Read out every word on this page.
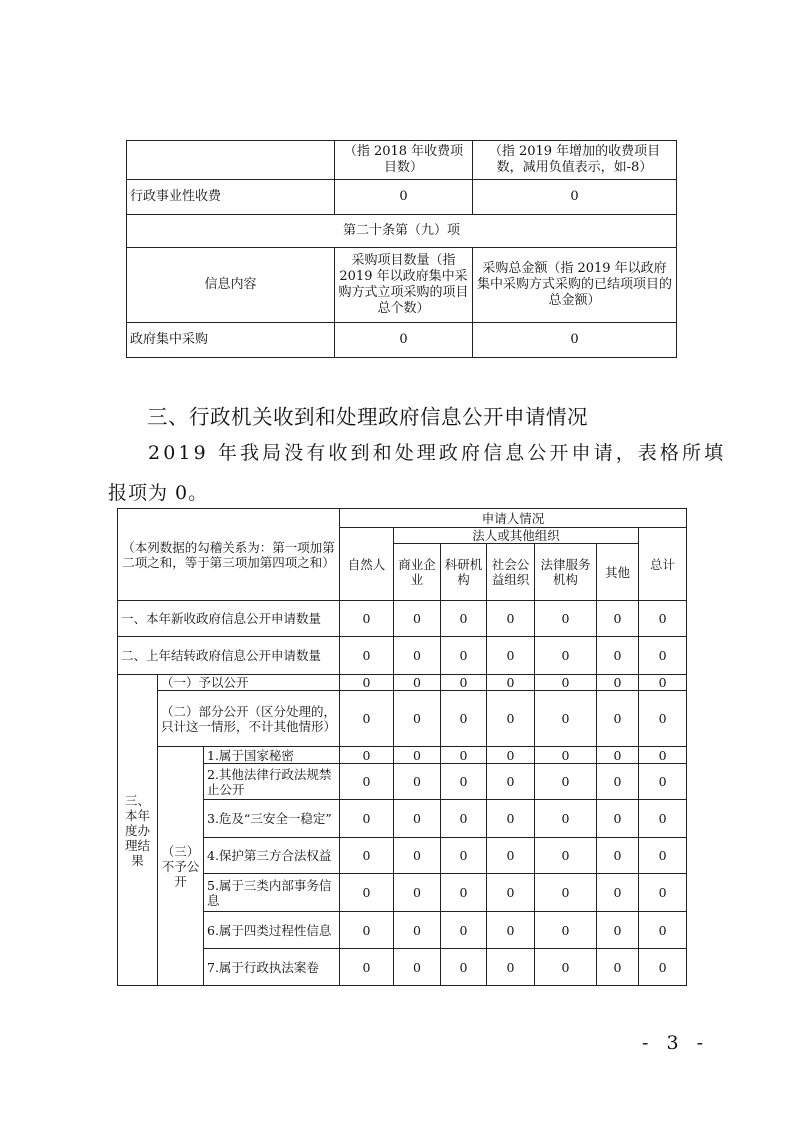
	（指 2018 年收费项目数）	（指 2019 年增加的收费项目数，减用负值表示，如-8）
行政事业性收费	0	0
第二十条第（九）项		
信息内容	采购项目数量（指 2019 年以政府集中采购方式立项采购的项目总个数）	采购总金额（指 2019 年以政府集中采购方式采购的已结项项目的总金额）
政府集中采购	0	0
三、行政机关收到和处理政府信息公开申请情况
2019 年我局没有收到和处理政府信息公开申请，表格所填
报项为 0。
（本列数据的勾稽关系为：第一项加第二项之和，等于第三项加第四项之和）			申请人情况						
			自然人	法人或其他组织					总计
				商业企业	科研机构	社会公益组织	法律服务机构	其他	
一、本年新收政府信息公开申请数量			0	0	0	0	0	0	0
二、上年结转政府信息公开申请数量			0	0	0	0	0	0	0
三、本年度办理结果	（一）予以公开		0	0	0	0	0	0	0
	（二）部分公开（区分处理的，只计这一情形，不计其他情形）		0	0	0	0	0	0	0
	（三）不予公开	1.属于国家秘密	0	0	0	0	0	0	0
		2.其他法律行政法规禁止公开	0	0	0	0	0	0	0
		3.危及“三安全一稳定”	0	0	0	0	0	0	0
		4.保护第三方合法权益	0	0	0	0	0	0	0
		5.属于三类内部事务信息	0	0	0	0	0	0	0
		6.属于四类过程性信息	0	0	0	0	0	0	0
		7.属于行政执法案卷	0	0	0	0	0	0	0
- 3 -
